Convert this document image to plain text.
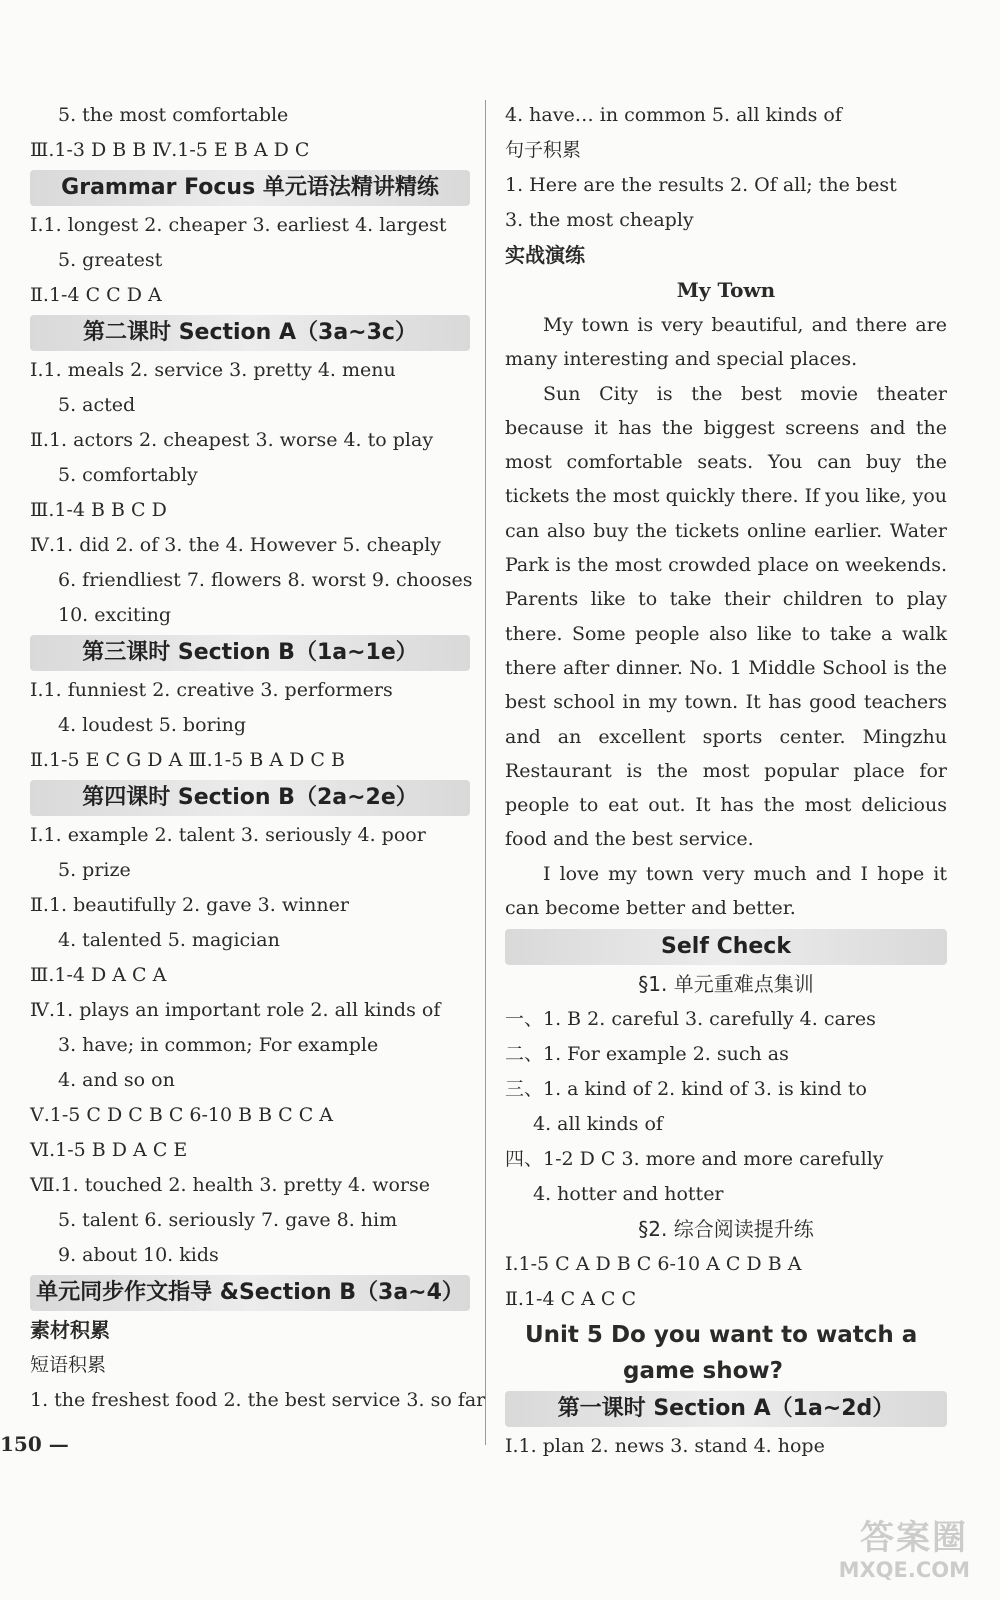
5. the most comfortable
Ⅲ.1-3 D B B Ⅳ.1-5 E B A D C
Grammar Focus 单元语法精讲精练
Ⅰ.1. longest 2. cheaper 3. earliest 4. largest
5. greatest
Ⅱ.1-4 C C D A
第二课时 Section A（3a~3c）
Ⅰ.1. meals 2. service 3. pretty 4. menu
5. acted
Ⅱ.1. actors 2. cheapest 3. worse 4. to play
5. comfortably
Ⅲ.1-4 B B C D
Ⅳ.1. did 2. of 3. the 4. However 5. cheaply
6. friendliest 7. flowers 8. worst 9. chooses
10. exciting
第三课时 Section B（1a~1e）
Ⅰ.1. funniest 2. creative 3. performers
4. loudest 5. boring
Ⅱ.1-5 E C G D A Ⅲ.1-5 B A D C B
第四课时 Section B（2a~2e）
Ⅰ.1. example 2. talent 3. seriously 4. poor
5. prize
Ⅱ.1. beautifully 2. gave 3. winner
4. talented 5. magician
Ⅲ.1-4 D A C A
Ⅳ.1. plays an important role 2. all kinds of
3. have; in common; For example
4. and so on
Ⅴ.1-5 C D C B C 6-10 B B C C A
Ⅵ.1-5 B D A C E
Ⅶ.1. touched 2. health 3. pretty 4. worse
5. talent 6. seriously 7. gave 8. him
9. about 10. kids
单元同步作文指导 &Section B（3a~4）
素材积累
短语积累
1. the freshest food 2. the best service 3. so far
4. have… in common 5. all kinds of
句子积累
1. Here are the results 2. Of all; the best
3. the most cheaply
实战演练
My Town

My town is very beautiful, and there are many interesting and special places.

Sun City is the best movie theater because it has the biggest screens and the most comfortable seats. You can buy the tickets the most quickly there. If you like, you can also buy the tickets online earlier. Water Park is the most crowded place on weekends. Parents like to take their children to play there. Some people also like to take a walk there after dinner. No. 1 Middle School is the best school in my town. It has good teachers and an excellent sports center. Mingzhu Restaurant is the most popular place for people to eat out. It has the most delicious food and the best service.

I love my town very much and I hope it can become better and better.

Self Check
§1. 单元重难点集训
一、1. B 2. careful 3. carefully 4. cares
二、1. For example 2. such as
三、1. a kind of 2. kind of 3. is kind to
4. all kinds of
四、1-2 D C 3. more and more carefully
4. hotter and hotter
§2. 综合阅读提升练
Ⅰ.1-5 C A D B C 6-10 A C D B A
Ⅱ.1-4 C A C C
Unit 5 Do you want to watch a
game show?
第一课时 Section A（1a~2d）
Ⅰ.1. plan 2. news 3. stand 4. hope
150 —
答案圈
MXQE.COM
